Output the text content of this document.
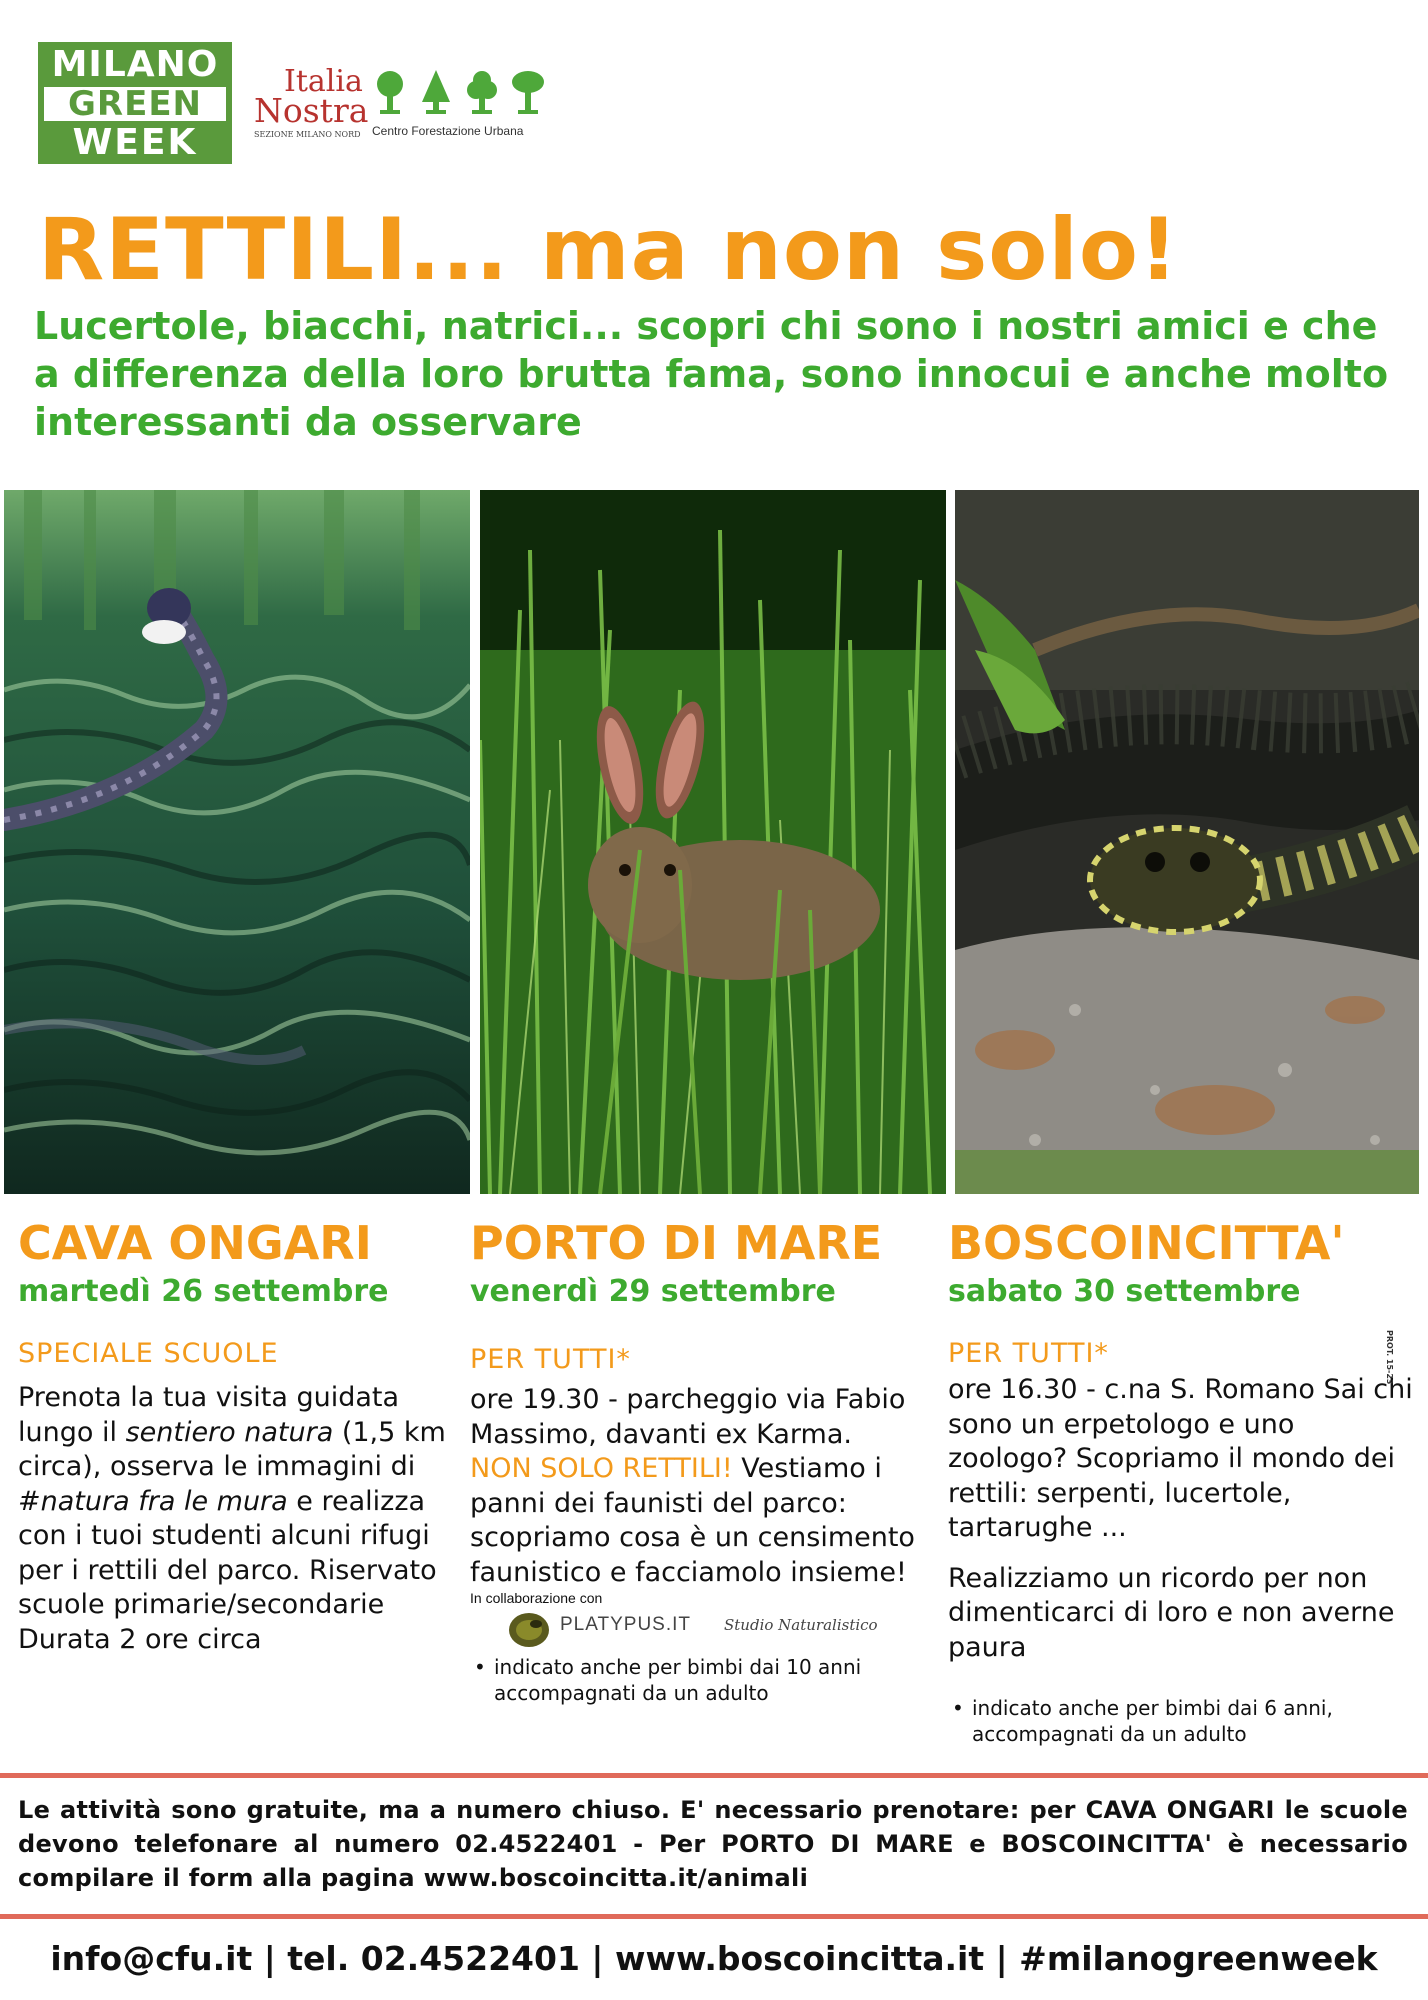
MILANO
GREEN
WEEK
Italia
Nostra
SEZIONE MILANO NORD Centro Forestazione Urbana
RETTILI... ma non solo!
Lucertole, biacchi, natrici... scopri chi sono i nostri amici e che a differenza della loro brutta fama, sono innocui e anche molto interessanti da osservare
CAVA ONGARI
martedì 26 settembre
SPECIALE SCUOLE
Prenota la tua visita guidata lungo il sentiero natura (1,5 km circa), osserva le immagini di #natura fra le mura e realizza con i tuoi studenti alcuni rifugi per i rettili del parco. Riservato scuole primarie/secondarie
Durata 2 ore circa
PORTO DI MARE
venerdì 29 settembre
PER TUTTI*
ore 19.30 - parcheggio via Fabio Massimo, davanti ex Karma. NON SOLO RETTILI! Vestiamo i panni dei faunisti del parco: scopriamo cosa è un censimento faunistico e facciamolo insieme!
In collaborazione con
PLATYPUS.IT Studio Naturalistico
• indicato anche per bimbi dai 10 anni accompagnati da un adulto
BOSCOINCITTA'
sabato 30 settembre
PER TUTTI*
ore 16.30 - c.na S. Romano Sai chi sono un erpetologo e uno zoologo? Scopriamo il mondo dei rettili: serpenti, lucertole, tartarughe ...
Realizziamo un ricordo per non dimenticarci di loro e non averne paura
• indicato anche per bimbi dai 6 anni, accompagnati da un adulto
PROT. 15-23
Le attività sono gratuite, ma a numero chiuso. E' necessario prenotare: per CAVA ONGARI le scuole devono telefonare al numero 02.4522401 - Per PORTO DI MARE e BOSCOINCITTA' è necessario compilare il form alla pagina www.boscoincitta.it/animali
info@cfu.it | tel. 02.4522401 | www.boscoincitta.it | #milanogreenweek
